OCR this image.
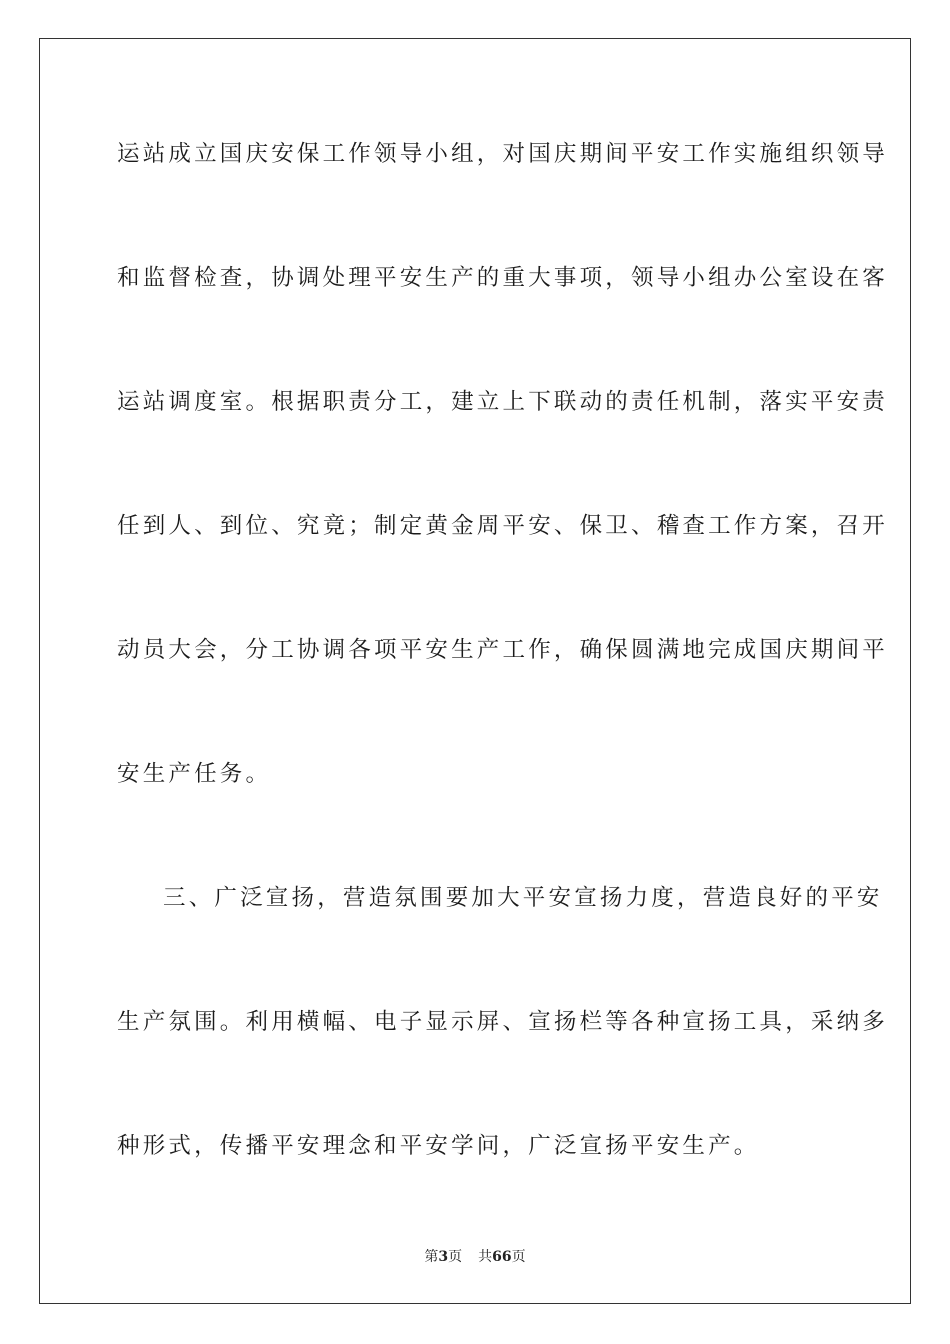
运站成立国庆安保工作领导小组，对国庆期间平安工作实施组织领导
和监督检查，协调处理平安生产的重大事项，领导小组办公室设在客
运站调度室。根据职责分工，建立上下联动的责任机制，落实平安责
任到人、到位、究竟；制定黄金周平安、保卫、稽查工作方案，召开
动员大会，分工协调各项平安生产工作，确保圆满地完成国庆期间平
安生产任务。
三、广泛宣扬，营造氛围要加大平安宣扬力度，营造良好的平安
生产氛围。利用横幅、电子显示屏、宣扬栏等各种宣扬工具，采纳多
种形式，传播平安理念和平安学问，广泛宣扬平安生产。
第3页 共66页
